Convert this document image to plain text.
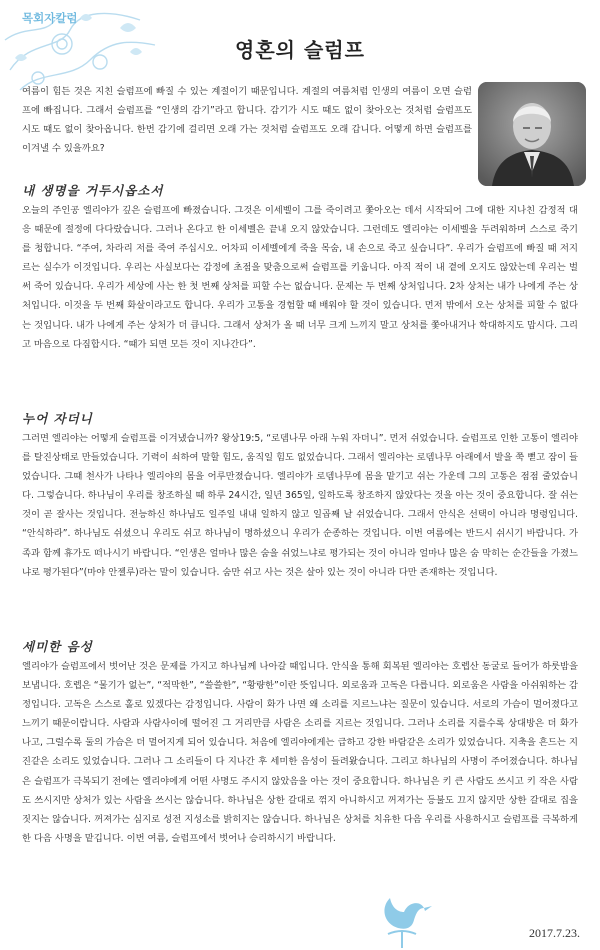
목회자칼럼
영혼의 슬럼프

여름이 힘든 것은 지친 슬럼프에 빠질 수 있는 계절이기 때문입니다. 계절의 여름처럼 인생의 여름이 오면 슬럼프에 빠집니다. 그래서 슬럼프를 “인생의 감기”라고 합니다. 감기가 시도 때도 없이 찾아오는 것처럼 슬럼프도 시도 때도 없이 찾아옵니다. 한번 감기에 걸리면 오래 가는 것처럼 슬럼프도 오래 갑니다. 어떻게 하면 슬럼프를 이겨낼 수 있을까요?

내 생명을 거두시옵소서

오늘의 주인공 엘리야가 깊은 슬럼프에 빠졌습니다. 그것은 이세벨이 그를 죽이려고 쫓아오는 데서 시작되어 그에 대한 지나친 감정적 대응 때문에 절정에 다다랐습니다. 그러나 온다고 한 이세벨은 끝내 오지 않았습니다. 그런데도 엘리야는 이세벨을 두려워하며 스스로 죽기를 청합니다. “주여, 차라리 저를 죽여 주십시오. 어차피 이세벨에게 죽을 목숨, 내 손으로 죽고 싶습니다”. 우리가 슬럼프에 빠질 때 저지르는 실수가 이것입니다. 우리는 사실보다는 감정에 초점을 맞춤으로써 슬럼프를 키웁니다. 아직 적이 내 곁에 오지도 않았는데 우리는 벌써 죽어 있습니다. 우리가 세상에 사는 한 첫 번째 상처를 피할 수는 없습니다. 문제는 두 번째 상처입니다. 2차 상처는 내가 나에게 주는 상처입니다. 이것을 두 번째 화살이라고도 합니다. 우리가 고통을 경험할 때 배워야 할 것이 있습니다. 먼저 밖에서 오는 상처를 피할 수 없다는 것입니다. 내가 나에게 주는 상처가 더 큽니다. 그래서 상처가 올 때 너무 크게 느끼지 말고 상처를 쫓아내거나 학대하지도 맙시다. 그리고 마음으로 다짐합시다. “때가 되면 모든 것이 지나간다”.

누어 자더니

그러면 엘리야는 어떻게 슬럼프를 이겨냈습니까? 왕상19:5, “로뎀나무 아래 누워 자더니”. 먼저 쉬었습니다. 슬럼프로 인한 고통이 엘리야를 탈진상태로 만들었습니다. 기력이 쇠하여 말할 힘도, 움직일 힘도 없었습니다. 그래서 엘리야는 로뎀나무 아래에서 발을 쭉 뻗고 잠이 들었습니다. 그때 천사가 나타나 엘리야의 몸을 어루만졌습니다. 엘리야가 로뎀나무에 몸을 맡기고 쉬는 가운데 그의 고통은 점점 줄었습니다. 그렇습니다. 하나님이 우리를 창조하실 때 하루 24시간, 일년 365일, 일하도록 창조하지 않았다는 것을 아는 것이 중요합니다. 잘 쉬는 것이 곧 잘사는 것입니다. 전능하신 하나님도 일주일 내내 일하지 않고 일곱째 날 쉬었습니다. 그래서 안식은 선택이 아니라 명령입니다. “안식하라”. 하나님도 쉬셨으니 우리도 쉬고 하나님이 명하셨으니 우리가 순종하는 것입니다. 이번 여름에는 반드시 쉬시기 바랍니다. 가족과 함께 휴가도 떠나시기 바랍니다. “인생은 얼마나 많은 숨을 쉬었느냐로 평가되는 것이 아니라 얼마나 많은 숨 막히는 순간들을 가졌느냐로 평가된다”(마야 안젤루)라는 말이 있습니다. 숨만 쉬고 사는 것은 살아 있는 것이 아니라 다만 존재하는 것입니다.

세미한 음성

엘리야가 슬럼프에서 벗어난 것은 문제를 가지고 하나님께 나아갈 때입니다. 안식을 통해 회복된 엘리야는 호렙산 동굴로 들어가 하룻밤을 보냅니다. 호렙은 “물기가 없는”, “적막한”, “쓸쓸한”, “황량한”이란 뜻입니다. 외로움과 고독은 다릅니다. 외로움은 사람을 아쉬워하는 감정입니다. 고독은 스스로 홀로 있겠다는 감정입니다. 사람이 화가 나면 왜 소리를 지르느냐는 질문이 있습니다. 서로의 가슴이 멀어졌다고 느끼기 때문이랍니다. 사람과 사람사이에 떨어진 그 거리만큼 사람은 소리를 지르는 것입니다. 그러나 소리를 지를수록 상대방은 더 화가 나고, 그럴수록 둘의 가슴은 더 멀어지게 되어 있습니다. 처음에 엘리야에게는 급하고 강한 바람같은 소리가 있었습니다. 지축을 흔드는 지진같은 소리도 있었습니다. 그러나 그 소리들이 다 지나간 후 세미한 음성이 들려왔습니다. 그리고 하나님의 사명이 주어졌습니다. 하나님은 슬럼프가 극복되기 전에는 엘리야에게 어떤 사명도 주시지 않았음을 아는 것이 중요합니다. 하나님은 키 큰 사람도 쓰시고 키 작은 사람도 쓰시지만 상처가 있는 사람을 쓰시는 않습니다. 하나님은 상한 갈대로 꺾지 아니하시고 꺼져가는 등불도 끄지 않지만 상한 갈대로 집을 짓지는 않습니다. 꺼져가는 심지로 성전 지성소를 밝히지는 않습니다. 하나님은 상처를 치유한 다음 우리를 사용하시고 슬럼프를 극복하게 한 다음 사명을 맡깁니다. 이번 여름, 슬럼프에서 벗어나 승리하시기 바랍니다.

2017.7.23.
